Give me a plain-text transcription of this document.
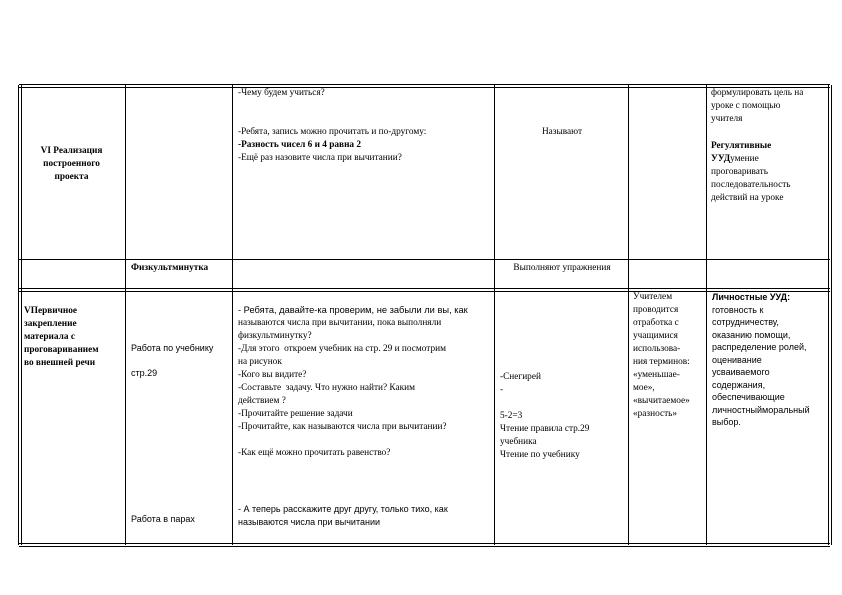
VI Реализация
построенного
проекта
-Чему будем учиться?
-Ребята, запись можно прочитать и по-другому:
-Разность чисел 6 и 4 равна 2
-Ещё раз назовите числа при вычитании?
Называют
формулировать цель на
уроке с помощью
учителя
Регулятивные
УУДумение
проговаривать
последовательность
действий на уроке
Физкультминутка	Выполняют упражнения
VПервичное
закрепление
материала с
проговариванием
во внешней речи
Работа по учебнику
стр.29
Работа в парах
- Ребята, давайте-ка проверим, не забыли ли вы, как
называются числа при вычитании, пока выполняли
физкультминутку?
-Для этого  откроем учебник на стр. 29 и посмотрим
на рисунок
-Кого вы видите?
-Составьте  задачу. Что нужно найти? Каким
действием ?
-Прочитайте решение задачи
-Прочитайте, как называются числа при вычитании?

-Как ещё можно прочитать равенство?
- А теперь расскажите друг другу, только тихо, как
называются числа при вычитании
-Снегирей
-

5-2=3
Чтение правила стр.29
учебника
Чтение по учебнику
Учителем
проводится
отработка с
учащимися
использова-
ния терминов:
«уменьшае-
мое»,
«вычитаемое»
«разность»
Личностные УУД:
готовность к
сотрудничеству,
оказанию помощи,
распределение ролей,
оценивание
усваиваемого
содержания,
обеспечивающие
личностныйморальный
выбор.
